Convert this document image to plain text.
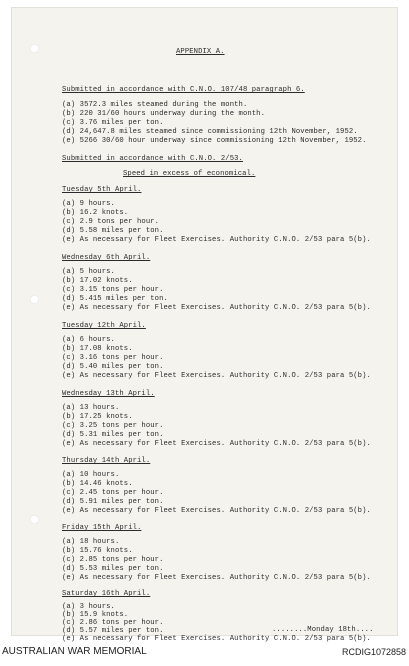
APPENDIX A.
Submitted in accordance with C.N.O. 107/48 paragraph 6.
(a) 3572.3 miles steamed during the month.
(b) 220 31/60 hours underway during the month.
(c) 3.76 miles per ton.
(d) 24,647.8 miles steamed since commissioning 12th November, 1952.
(e) 5266 30/60 hour underway since commissioning 12th November, 1952.
Submitted in accordance with C.N.O. 2/53.
Speed in excess of economical.
Tuesday 5th April.
(a) 9 hours.
(b) 16.2 knots.
(c) 2.9 tons per hour.
(d) 5.58 miles per ton.
(e) As necessary for Fleet Exercises. Authority C.N.O. 2/53 para 5(b).
Wednesday 6th April.
(a) 5 hours.
(b) 17.02 knots.
(c) 3.15 tons per hour.
(d) 5.415 miles per ton.
(e) As necessary for Fleet Exercises. Authority C.N.O. 2/53 para 5(b).
Tuesday 12th April.
(a) 6 hours.
(b) 17.08 knots.
(c) 3.16 tons per hour.
(d) 5.40 miles per ton.
(e) As necessary for Fleet Exercises. Authority C.N.O. 2/53 para 5(b).
Wednesday 13th April.
(a) 13 hours.
(b) 17.25 knots.
(c) 3.25 tons per hour.
(d) 5.31 miles per ton.
(e) As necessary for Fleet Exercises. Authority C.N.O. 2/53 para 5(b).
Thursday 14th April.
(a) 10 hours.
(b) 14.46 knots.
(c) 2.45 tons per hour.
(d) 5.91 miles per ton.
(e) As necessary for Fleet Exercises. Authority C.N.O. 2/53 para 5(b).
Friday 15th April.
(a) 18 hours.
(b) 15.76 knots.
(c) 2.85 tons per hour.
(d) 5.53 miles per ton.
(e) As necessary for Fleet Exercises. Authority C.N.O. 2/53 para 5(b).
Saturday 16th April.
(a) 3 hours.
(b) 15.9 knots.
(c) 2.86 tons per hour.
(d) 5.57 miles per ton.
(e) As necessary for Fleet Exercises. Authority C.N.O. 2/53 para 5(b).
........Monday 18th....
AUSTRALIAN WAR MEMORIAL	RCDIG1072858
